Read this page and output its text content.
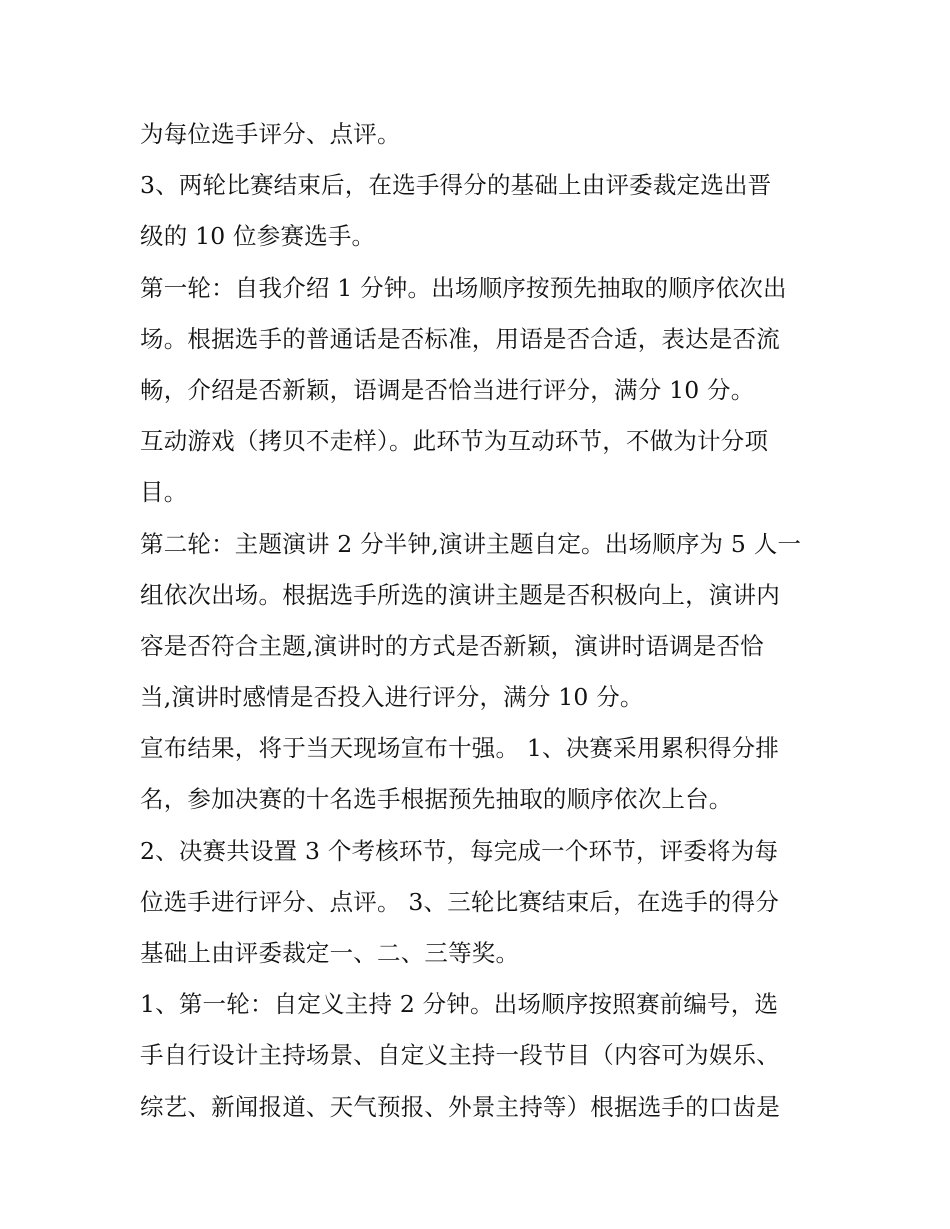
为每位选手评分、点评。
3、两轮比赛结束后，在选手得分的基础上由评委裁定选出晋
级的 10 位参赛选手。
第一轮：自我介绍 1 分钟。出场顺序按预先抽取的顺序依次出
场。根据选手的普通话是否标准，用语是否合适，表达是否流
畅，介绍是否新颖，语调是否恰当进行评分，满分 10 分。
互动游戏（拷贝不走样）。此环节为互动环节，不做为计分项
目。
第二轮：主题演讲 2 分半钟,演讲主题自定。出场顺序为 5 人一
组依次出场。根据选手所选的演讲主题是否积极向上，演讲内
容是否符合主题,演讲时的方式是否新颖，演讲时语调是否恰
当,演讲时感情是否投入进行评分，满分 10 分。
宣布结果，将于当天现场宣布十强。 1、决赛采用累积得分排
名，参加决赛的十名选手根据预先抽取的顺序依次上台。
2、决赛共设置 3 个考核环节，每完成一个环节，评委将为每
位选手进行评分、点评。 3、三轮比赛结束后，在选手的得分
基础上由评委裁定一、二、三等奖。
1、第一轮：自定义主持 2 分钟。出场顺序按照赛前编号，选
手自行设计主持场景、自定义主持一段节目（内容可为娱乐、
综艺、新闻报道、天气预报、外景主持等）根据选手的口齿是
